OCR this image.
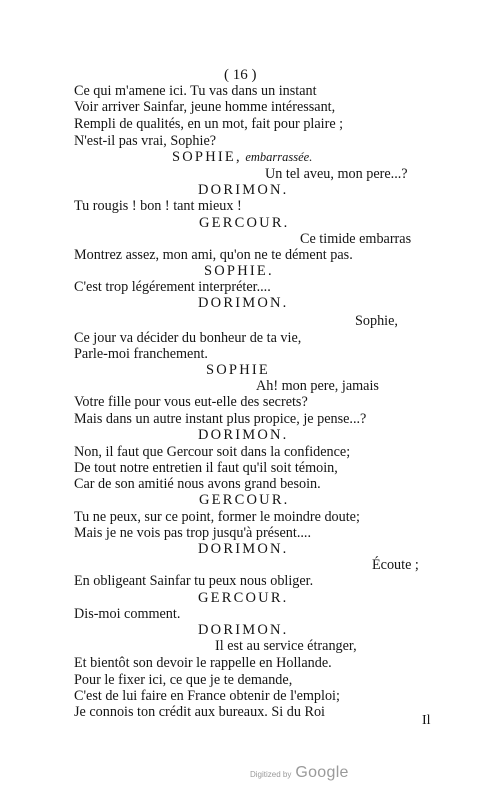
( 16 )
Ce qui m'amene ici. Tu vas dans un instant
Voir arriver Sainfar, jeune homme intéressant,
Rempli de qualités, en un mot, fait pour plaire ;
N'est-il pas vrai, Sophie?
SOPHIE, embarrassée.
Un tel aveu, mon pere...?
DORIMON.
Tu rougis ! bon ! tant mieux !
GERCOUR.
Ce timide embarras
Montrez assez, mon ami, qu'on ne te dément pas.
SOPHIE.
C'est trop légérement interpréter....
DORIMON.
Sophie,
Ce jour va décider du bonheur de ta vie,
Parle-moi franchement.
SOPHIE
Ah! mon pere, jamais
Votre fille pour vous eut-elle des secrets?
Mais dans un autre instant plus propice, je pense...?
DORIMON.
Non, il faut que Gercour soit dans la confidence;
De tout notre entretien il faut qu'il soit témoin,
Car de son amitié nous avons grand besoin.
GERCOUR.
Tu ne peux, sur ce point, former le moindre doute;
Mais je ne vois pas trop jusqu'à présent....
DORIMON.
Écoute ;
En obligeant Sainfar tu peux nous obliger.
GERCOUR.
Dis-moi comment.
DORIMON.
Il est au service étranger,
Et bientôt son devoir le rappelle en Hollande.
Pour le fixer ici, ce que je te demande,
C'est de lui faire en France obtenir de l'emploi;
Je connois ton crédit aux bureaux. Si du Roi
Il
Digitized by Google
